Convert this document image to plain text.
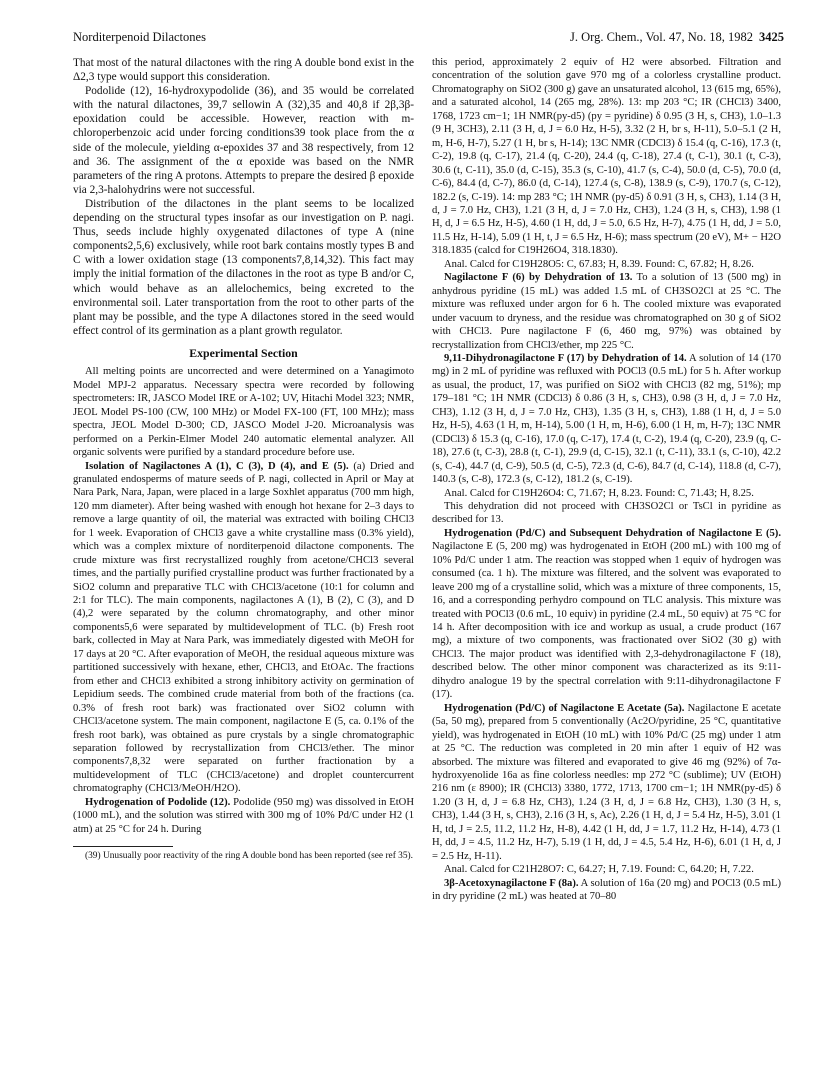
Norditerpenoid Dilactones	J. Org. Chem., Vol. 47, No. 18, 1982 3425

That most of the natural dilactones with the ring A double bond exist in the Δ2,3 type would support this consideration.

Podolide (12), 16-hydroxypodolide (36), and 35 would be correlated with the natural dilactones, 39,7 sellowin A (32),35 and 40,8 if 2β,3β-epoxidation could be accessible. However, reaction with m-chloroperbenzoic acid under forcing conditions39 took place from the α side of the molecule, yielding α-epoxides 37 and 38 respectively, from 12 and 36. The assignment of the α epoxide was based on the NMR parameters of the ring A protons. Attempts to prepare the desired β epoxide via 2,3-halohydrins were not successful.

Distribution of the dilactones in the plant seems to be localized depending on the structural types insofar as our investigation on P. nagi. Thus, seeds include highly oxygenated dilactones of type A (nine components2,5,6) exclusively, while root bark contains mostly types B and C with a lower oxidation stage (13 components7,8,14,32). This fact may imply the initial formation of the dilactones in the root as type B and/or C, which would behave as an allelochemics, being excreted to the environmental soil. Later transportation from the root to other parts of the plant may be possible, and the type A dilactones stored in the seed would effect control of its germination as a plant growth regulator.

Experimental Section

All melting points are uncorrected and were determined on a Yanagimoto Model MPJ-2 apparatus. Necessary spectra were recorded by following spectrometers: IR, JASCO Model IRE or A-102; UV, Hitachi Model 323; NMR, JEOL Model PS-100 (CW, 100 MHz) or Model FX-100 (FT, 100 MHz); mass spectra, JEOL Model D-300; CD, JASCO Model J-20. Microanalysis was performed on a Perkin-Elmer Model 240 automatic elemental analyzer. All organic solvents were purified by a standard procedure before use.

Isolation of Nagilactones A (1), C (3), D (4), and E (5). (a) Dried and granulated endosperms of mature seeds of P. nagi, collected in April or May at Nara Park, Nara, Japan, were placed in a large Soxhlet apparatus (700 mm high, 120 mm diameter). After being washed with enough hot hexane for 2–3 days to remove a large quantity of oil, the material was extracted with boiling CHCl3 for 1 week. Evaporation of CHCl3 gave a white crystalline mass (0.3% yield), which was a complex mixture of norditerpenoid dilactone components. The crude mixture was first recrystallized roughly from acetone/CHCl3 several times, and the partially purified crystalline product was further fractionated by a SiO2 column and preparative TLC with CHCl3/acetone (10:1 for column and 2:1 for TLC). The main components, nagilactones A (1), B (2), C (3), and D (4),2 were separated by the column chromatography, and other minor components5,6 were separated by multidevelopment of TLC. (b) Fresh root bark, collected in May at Nara Park, was immediately digested with MeOH for 17 days at 20 °C. After evaporation of MeOH, the residual aqueous mixture was partitioned successively with hexane, ether, CHCl3, and EtOAc. The fractions from ether and CHCl3 exhibited a strong inhibitory activity on germination of Lepidium seeds. The combined crude material from both of the fractions (ca. 0.3% of fresh root bark) was fractionated over SiO2 column with CHCl3/acetone system. The main component, nagilactone E (5, ca. 0.1% of the fresh root bark), was obtained as pure crystals by a single chromatographic separation followed by recrystallization from CHCl3/ether. The minor components7,8,32 were separated on further fractionation by a multidevelopment of TLC (CHCl3/acetone) and droplet countercurrent chromatography (CHCl3/MeOH/H2O).

Hydrogenation of Podolide (12). Podolide (950 mg) was dissolved in EtOH (1000 mL), and the solution was stirred with 300 mg of 10% Pd/C under H2 (1 atm) at 25 °C for 24 h. During

(39) Unusually poor reactivity of the ring A double bond has been reported (see ref 35).

this period, approximately 2 equiv of H2 were absorbed. Filtration and concentration of the solution gave 970 mg of a colorless crystalline product. Chromatography on SiO2 (300 g) gave an unsaturated alcohol, 13 (615 mg, 65%), and a saturated alcohol, 14 (265 mg, 28%). 13: mp 203 °C; IR (CHCl3) 3400, 1768, 1723 cm−1; 1H NMR(py-d5) (py = pyridine) δ 0.95 (3 H, s, CH3), 1.0–1.3 (9 H, 3CH3), 2.11 (3 H, d, J = 6.0 Hz, H-5), 3.32 (2 H, br s, H-11), 5.0–5.1 (2 H, m, H-6, H-7), 5.27 (1 H, br s, H-14); 13C NMR (CDCl3) δ 15.4 (q, C-16), 17.3 (t, C-2), 19.8 (q, C-17), 21.4 (q, C-20), 24.4 (q, C-18), 27.4 (t, C-1), 30.1 (t, C-3), 30.6 (t, C-11), 35.0 (d, C-15), 35.3 (s, C-10), 41.7 (s, C-4), 50.0 (d, C-5), 70.0 (d, C-6), 84.4 (d, C-7), 86.0 (d, C-14), 127.4 (s, C-8), 138.9 (s, C-9), 170.7 (s, C-12), 182.2 (s, C-19). 14: mp 283 °C; 1H NMR (py-d5) δ 0.91 (3 H, s, CH3), 1.14 (3 H, d, J = 7.0 Hz, CH3), 1.21 (3 H, d, J = 7.0 Hz, CH3), 1.24 (3 H, s, CH3), 1.98 (1 H, d, J = 6.5 Hz, H-5), 4.60 (1 H, dd, J = 5.0, 6.5 Hz, H-7), 4.75 (1 H, dd, J = 5.0, 11.5 Hz, H-14), 5.09 (1 H, t, J = 6.5 Hz, H-6); mass spectrum (20 eV), M+ − H2O 318.1835 (calcd for C19H26O4, 318.1830).

Anal. Calcd for C19H28O5: C, 67.83; H, 8.39. Found: C, 67.82; H, 8.26.

Nagilactone F (6) by Dehydration of 13. To a solution of 13 (500 mg) in anhydrous pyridine (15 mL) was added 1.5 mL of CH3SO2Cl at 25 °C. The mixture was refluxed under argon for 6 h. The cooled mixture was evaporated under vacuum to dryness, and the residue was chromatographed on 30 g of SiO2 with CHCl3. Pure nagilactone F (6, 460 mg, 97%) was obtained by recrystallization from CHCl3/ether, mp 225 °C.

9,11-Dihydronagilactone F (17) by Dehydration of 14. A solution of 14 (170 mg) in 2 mL of pyridine was refluxed with POCl3 (0.5 mL) for 5 h. After workup as usual, the product, 17, was purified on SiO2 with CHCl3 (82 mg, 51%); mp 179–181 °C; 1H NMR (CDCl3) δ 0.86 (3 H, s, CH3), 0.98 (3 H, d, J = 7.0 Hz, CH3), 1.12 (3 H, d, J = 7.0 Hz, CH3), 1.35 (3 H, s, CH3), 1.88 (1 H, d, J = 5.0 Hz, H-5), 4.63 (1 H, m, H-14), 5.00 (1 H, m, H-6), 6.00 (1 H, m, H-7); 13C NMR (CDCl3) δ 15.3 (q, C-16), 17.0 (q, C-17), 17.4 (t, C-2), 19.4 (q, C-20), 23.9 (q, C-18), 27.6 (t, C-3), 28.8 (t, C-1), 29.9 (d, C-15), 32.1 (t, C-11), 33.1 (s, C-10), 42.2 (s, C-4), 44.7 (d, C-9), 50.5 (d, C-5), 72.3 (d, C-6), 84.7 (d, C-14), 118.8 (d, C-7), 140.3 (s, C-8), 172.3 (s, C-12), 181.2 (s, C-19).

Anal. Calcd for C19H26O4: C, 71.67; H, 8.23. Found: C, 71.43; H, 8.25.

This dehydration did not proceed with CH3SO2Cl or TsCl in pyridine as described for 13.

Hydrogenation (Pd/C) and Subsequent Dehydration of Nagilactone E (5). Nagilactone E (5, 200 mg) was hydrogenated in EtOH (200 mL) with 100 mg of 10% Pd/C under 1 atm. The reaction was stopped when 1 equiv of hydrogen was consumed (ca. 1 h). The mixture was filtered, and the solvent was evaporated to leave 200 mg of a crystalline solid, which was a mixture of three components, 15, 16, and a corresponding perhydro compound on TLC analysis. This mixture was treated with POCl3 (0.6 mL, 10 equiv) in pyridine (2.4 mL, 50 equiv) at 75 °C for 14 h. After decomposition with ice and workup as usual, a crude product (167 mg), a mixture of two components, was fractionated over SiO2 (30 g) with CHCl3. The major product was identified with 2,3-dehydronagilactone F (18), described below. The other minor component was characterized as its 9:11-dihydro analogue 19 by the spectral correlation with 9:11-dihydronagilactone F (17).

Hydrogenation (Pd/C) of Nagilactone E Acetate (5a). Nagilactone E acetate (5a, 50 mg), prepared from 5 conventionally (Ac2O/pyridine, 25 °C, quantitative yield), was hydrogenated in EtOH (10 mL) with 10% Pd/C (25 mg) under 1 atm at 25 °C. The reduction was completed in 20 min after 1 equiv of H2 was absorbed. The mixture was filtered and evaporated to give 46 mg (92%) of 7α-hydroxyenolide 16a as fine colorless needles: mp 272 °C (sublime); UV (EtOH) 216 nm (ε 8900); IR (CHCl3) 3380, 1772, 1713, 1700 cm−1; 1H NMR(py-d5) δ 1.20 (3 H, d, J = 6.8 Hz, CH3), 1.24 (3 H, d, J = 6.8 Hz, CH3), 1.30 (3 H, s, CH3), 1.44 (3 H, s, CH3), 2.16 (3 H, s, Ac), 2.26 (1 H, d, J = 5.4 Hz, H-5), 3.01 (1 H, td, J = 2.5, 11.2, 11.2 Hz, H-8), 4.42 (1 H, dd, J = 1.7, 11.2 Hz, H-14), 4.73 (1 H, dd, J = 4.5, 11.2 Hz, H-7), 5.19 (1 H, dd, J = 4.5, 5.4 Hz, H-6), 6.01 (1 H, d, J = 2.5 Hz, H-11).

Anal. Calcd for C21H28O7: C, 64.27; H, 7.19. Found: C, 64.20; H, 7.22.

3β-Acetoxynagilactone F (8a). A solution of 16a (20 mg) and POCl3 (0.5 mL) in dry pyridine (2 mL) was heated at 70–80
